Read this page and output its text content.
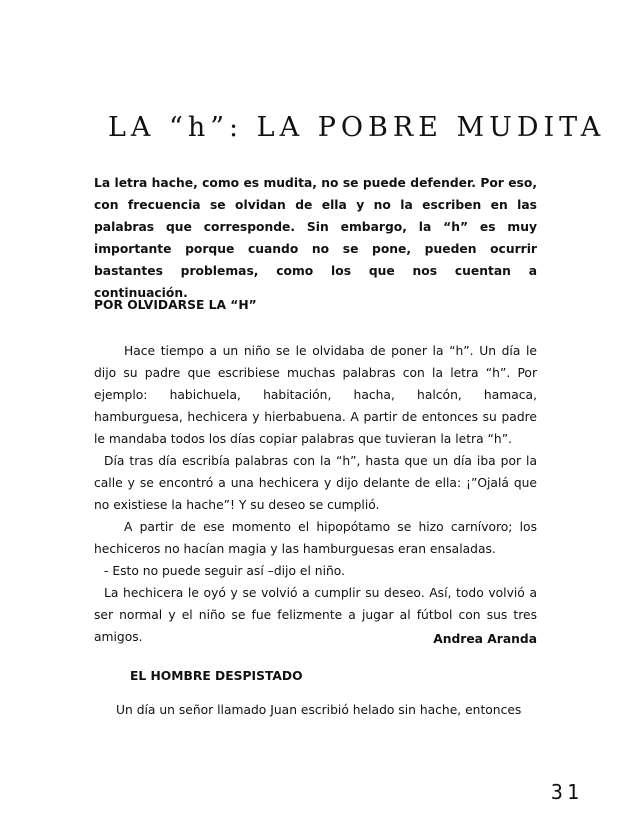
LA “h”: LA POBRE MUDITA

La letra hache, como es mudita, no se puede defender. Por eso, con frecuencia se olvidan de ella y no la escriben en las palabras que corresponde. Sin embargo, la “h” es muy importante porque cuando no se pone, pueden ocurrir bastantes problemas, como los que nos cuentan a continuación.

POR OLVIDARSE LA “H”

Hace tiempo a un niño se le olvidaba de poner la “h”. Un día le dijo su padre que escribiese muchas palabras con la letra “h”. Por ejemplo: habichuela, habitación, hacha, halcón, hamaca, hamburguesa, hechicera y hierbabuena. A partir de entonces su padre le mandaba todos los días copiar palabras que tuvieran la letra “h”.

Día tras día escribía palabras con la “h”, hasta que un día iba por la calle y se encontró a una hechicera y dijo delante de ella: ¡”Ojalá que no existiese la hache”! Y su deseo se cumplió.

A partir de ese momento el hipopótamo se hizo carnívoro; los hechiceros no hacían magia y las hamburguesas eran ensaladas.

- Esto no puede seguir así –dijo el niño.

La hechicera le oyó y se volvió a cumplir su deseo. Así, todo volvió a ser normal y el niño se fue felizmente a jugar al fútbol con sus tres amigos.	Andrea Aranda
EL HOMBRE DESPISTADO
Un día un señor llamado Juan escribió helado sin hache, entonces
31
